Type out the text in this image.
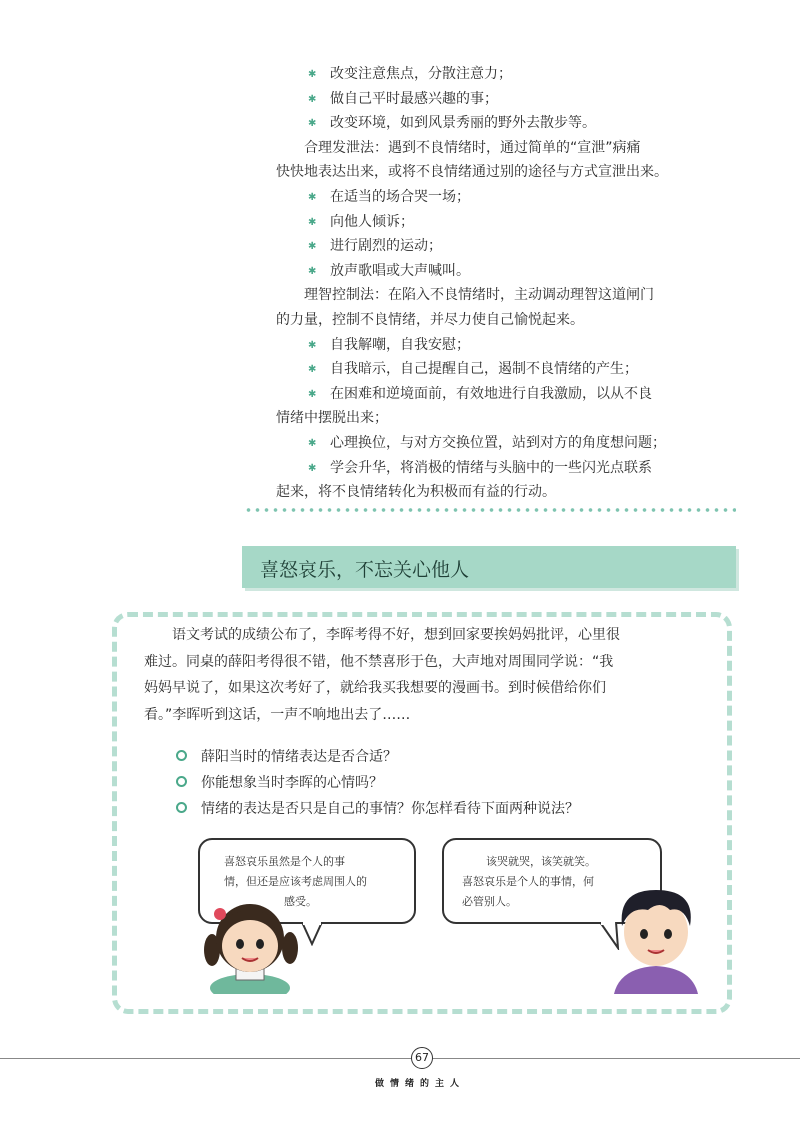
✱ 改变注意焦点，分散注意力；
✱ 做自己平时最感兴趣的事；
✱ 改变环境，如到风景秀丽的野外去散步等。
合理发泄法：遇到不良情绪时，通过简单的“宣泄”病痛
快快地表达出来，或将不良情绪通过别的途径与方式宣泄出来。
✱ 在适当的场合哭一场；
✱ 向他人倾诉；
✱ 进行剧烈的运动；
✱ 放声歌唱或大声喊叫。
理智控制法：在陷入不良情绪时，主动调动理智这道闸门
的力量，控制不良情绪，并尽力使自己愉悦起来。
✱ 自我解嘲，自我安慰；
✱ 自我暗示，自己提醒自己，遏制不良情绪的产生；
✱ 在困难和逆境面前，有效地进行自我激励，以从不良
情绪中摆脱出来；
✱ 心理换位，与对方交换位置，站到对方的角度想问题；
✱ 学会升华，将消极的情绪与头脑中的一些闪光点联系
起来，将不良情绪转化为积极而有益的行动。
喜怒哀乐，不忘关心他人
语文考试的成绩公布了，李晖考得不好，想到回家要挨妈妈批评，心里很
难过。同桌的薛阳考得很不错，他不禁喜形于色，大声地对周围同学说：“我
妈妈早说了，如果这次考好了，就给我买我想要的漫画书。到时候借给你们
看。”李晖听到这话，一声不响地出去了……
薛阳当时的情绪表达是否合适？
你能想象当时李晖的心情吗？
情绪的表达是否只是自己的事情？你怎样看待下面两种说法？
喜怒哀乐虽然是个人的事
情，但还是应该考虑周围人的
感受。
该哭就哭，该笑就笑。
喜怒哀乐是个人的事情，何
必管别人。
67
做情绪的主人
